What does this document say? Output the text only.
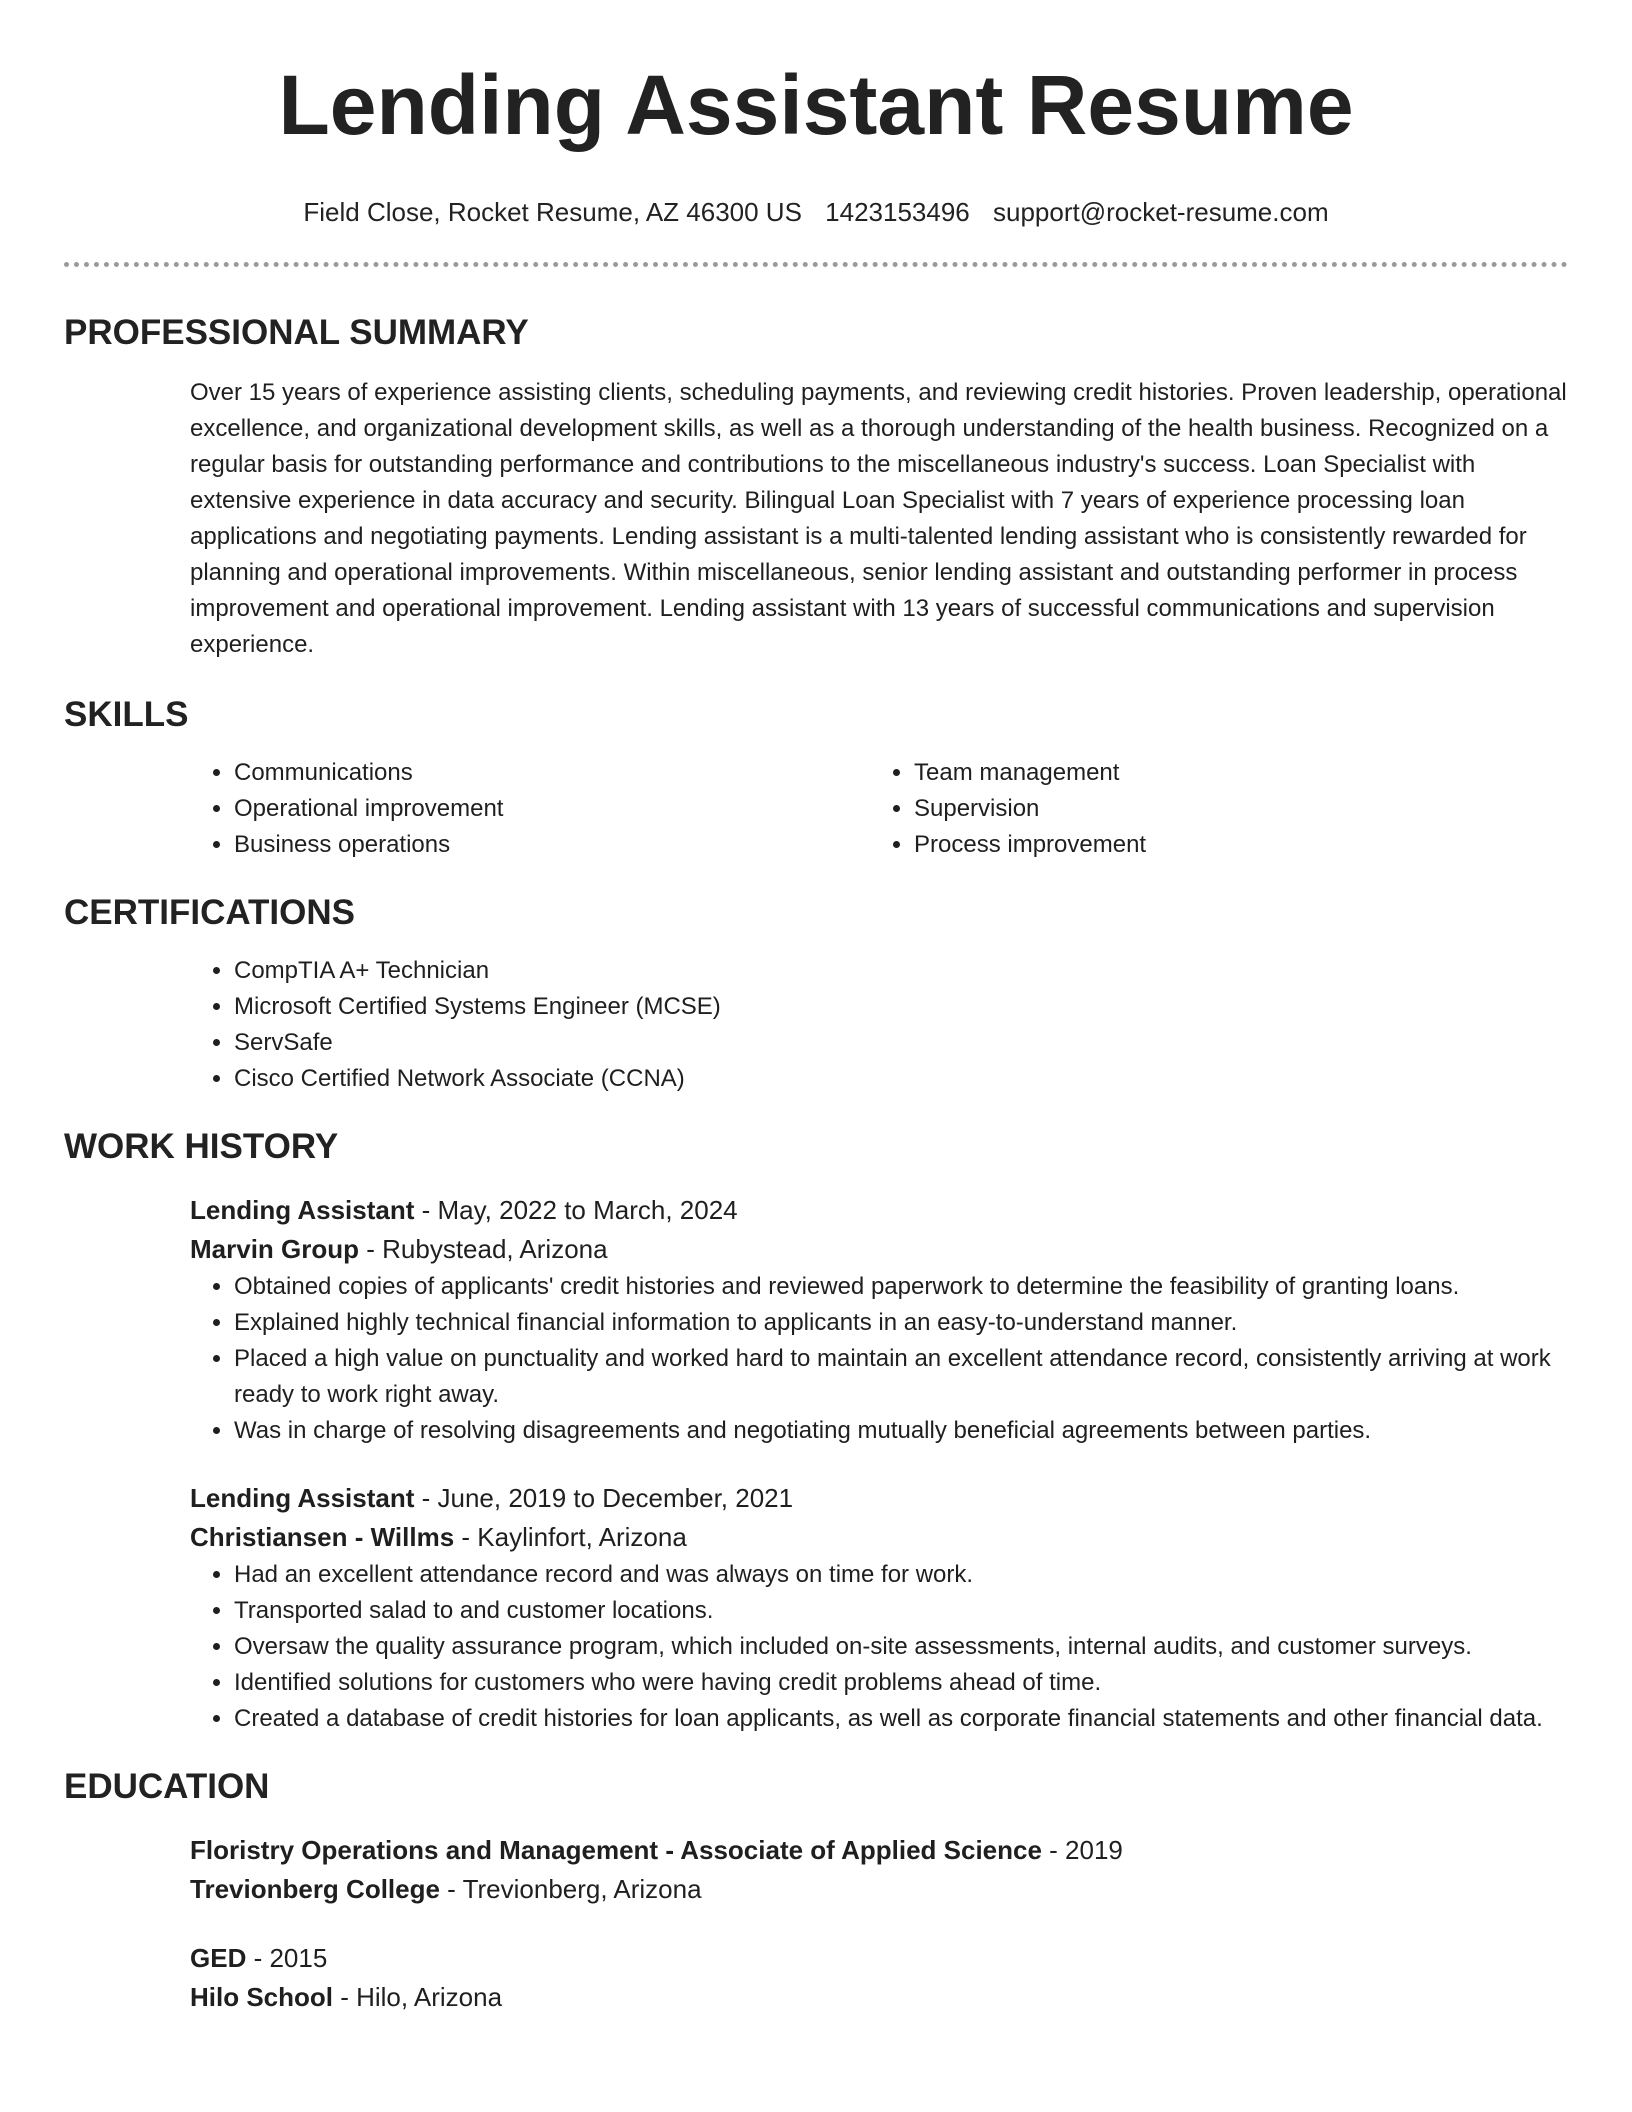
Lending Assistant Resume
Field Close, Rocket Resume, AZ 46300 US 1423153496 support@rocket-resume.com
PROFESSIONAL SUMMARY
Over 15 years of experience assisting clients, scheduling payments, and reviewing credit histories. Proven leadership, operational excellence, and organizational development skills, as well as a thorough understanding of the health business. Recognized on a regular basis for outstanding performance and contributions to the miscellaneous industry's success. Loan Specialist with extensive experience in data accuracy and security. Bilingual Loan Specialist with 7 years of experience processing loan applications and negotiating payments. Lending assistant is a multi-talented lending assistant who is consistently rewarded for planning and operational improvements. Within miscellaneous, senior lending assistant and outstanding performer in process improvement and operational improvement. Lending assistant with 13 years of successful communications and supervision experience.
SKILLS
• Communications
• Operational improvement
• Business operations
• Team management
• Supervision
• Process improvement
CERTIFICATIONS
• CompTIA A+ Technician
• Microsoft Certified Systems Engineer (MCSE)
• ServSafe
• Cisco Certified Network Associate (CCNA)
WORK HISTORY
Lending Assistant - May, 2022 to March, 2024
Marvin Group - Rubystead, Arizona
• Obtained copies of applicants' credit histories and reviewed paperwork to determine the feasibility of granting loans.
• Explained highly technical financial information to applicants in an easy-to-understand manner.
• Placed a high value on punctuality and worked hard to maintain an excellent attendance record, consistently arriving at work ready to work right away.
• Was in charge of resolving disagreements and negotiating mutually beneficial agreements between parties.
Lending Assistant - June, 2019 to December, 2021
Christiansen - Willms - Kaylinfort, Arizona
• Had an excellent attendance record and was always on time for work.
• Transported salad to and customer locations.
• Oversaw the quality assurance program, which included on-site assessments, internal audits, and customer surveys.
• Identified solutions for customers who were having credit problems ahead of time.
• Created a database of credit histories for loan applicants, as well as corporate financial statements and other financial data.
EDUCATION
Floristry Operations and Management - Associate of Applied Science - 2019
Trevionberg College - Trevionberg, Arizona
GED - 2015
Hilo School - Hilo, Arizona
